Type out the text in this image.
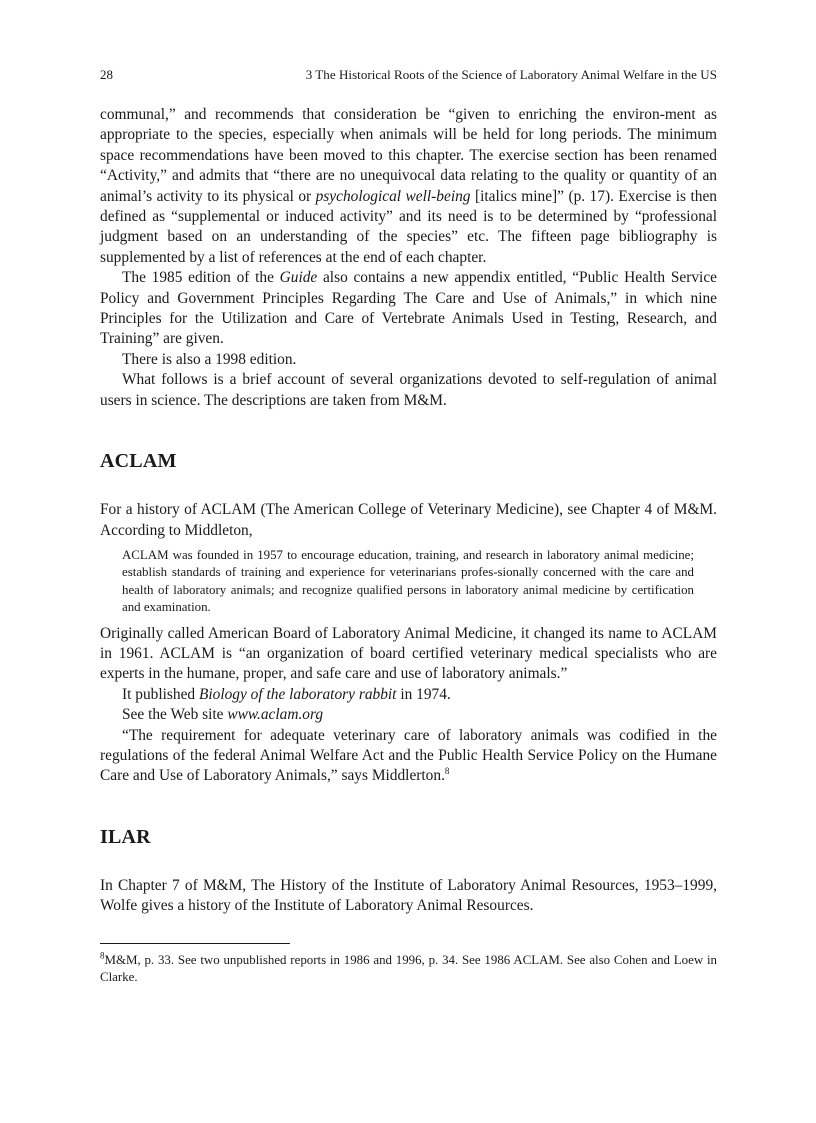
28	3 The Historical Roots of the Science of Laboratory Animal Welfare in the US

communal,” and recommends that consideration be “given to enriching the environ-ment as appropriate to the species, especially when animals will be held for long periods. The minimum space recommendations have been moved to this chapter. The exercise section has been renamed “Activity,” and admits that “there are no unequivocal data relating to the quality or quantity of an animal’s activity to its physical or psychological well-being [italics mine]” (p. 17). Exercise is then defined as “supplemental or induced activity” and its need is to be determined by “professional judgment based on an understanding of the species” etc. The fifteen page bibliography is supplemented by a list of references at the end of each chapter.

The 1985 edition of the Guide also contains a new appendix entitled, “Public Health Service Policy and Government Principles Regarding The Care and Use of Animals,” in which nine Principles for the Utilization and Care of Vertebrate Animals Used in Testing, Research, and Training” are given.

There is also a 1998 edition.

What follows is a brief account of several organizations devoted to self-regulation of animal users in science. The descriptions are taken from M&M.

ACLAM

For a history of ACLAM (The American College of Veterinary Medicine), see Chapter 4 of M&M. According to Middleton,

ACLAM was founded in 1957 to encourage education, training, and research in laboratory animal medicine; establish standards of training and experience for veterinarians profes-sionally concerned with the care and health of laboratory animals; and recognize qualified persons in laboratory animal medicine by certification and examination.

Originally called American Board of Laboratory Animal Medicine, it changed its name to ACLAM in 1961. ACLAM is “an organization of board certified veterinary medical specialists who are experts in the humane, proper, and safe care and use of laboratory animals.”

It published Biology of the laboratory rabbit in 1974.

See the Web site www.aclam.org

“The requirement for adequate veterinary care of laboratory animals was codified in the regulations of the federal Animal Welfare Act and the Public Health Service Policy on the Humane Care and Use of Laboratory Animals,” says Middlerton.$^8$

ILAR

In Chapter 7 of M&M, The History of the Institute of Laboratory Animal Resources, 1953–1999, Wolfe gives a history of the Institute of Laboratory Animal Resources.

$^8$M&M, p. 33. See two unpublished reports in 1986 and 1996, p. 34. See 1986 ACLAM. See also Cohen and Loew in Clarke.
